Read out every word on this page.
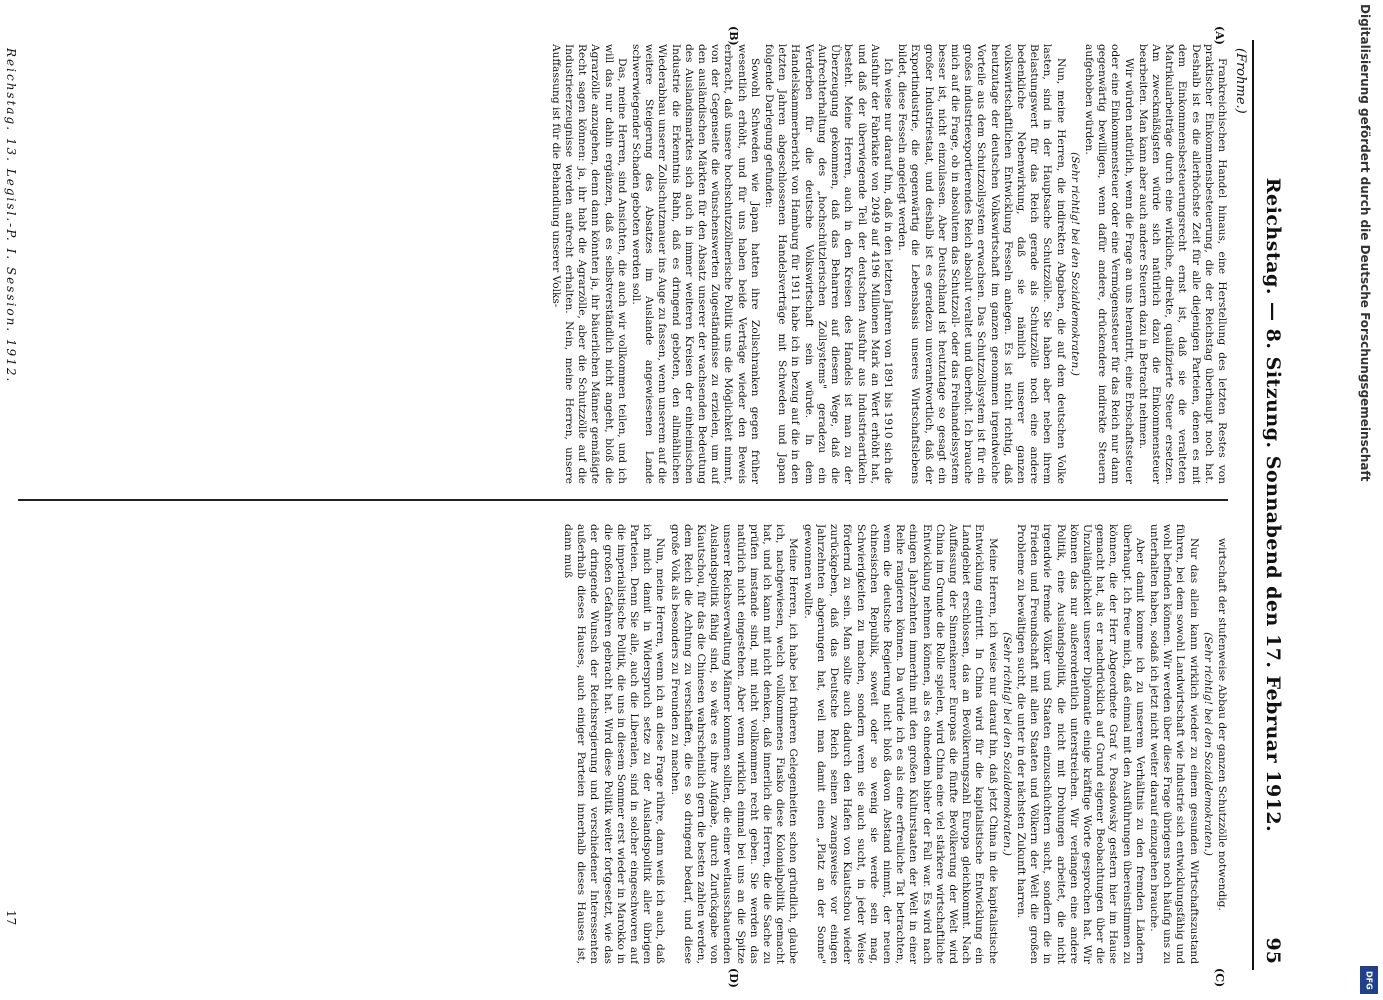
Reichstag. — 8. Sitzung. Sonnabend den 17. Februar 1912.
95
(Frohme.)
(A)
(B)
(C)
(D)

Frankreichischen Handel hinaus, eine Herstellung des letzten Restes von praktischer Einkommensbesteuerung, die der Reichstag überhaupt noch hat. Deshalb ist es die allerhöchste Zeit für alle diejenigen Parteien, denen es mit dem Einkommensbesteuerungsrecht ernst ist, daß sie die veralteten Matrikularbeiträge durch eine wirkliche, direkte, qualifizierte Steuer ersetzen. Am zweckmäßigsten würde sich natürlich dazu die Einkommensteuer bearbeiten. Man kann aber auch andere Steuern dazu in Betracht nehmen.

Wir würden natürlich, wenn die Frage an uns herantritt, eine Erbschaftssteuer oder eine Einkommensteuer oder eine Vermögenssteuer für das Reich nur dann gegenwärtig bewilligen, wenn dafür andere, drückendere indirekte Steuern aufgehoben würden.

(Sehr richtig! bei den Sozialdemokraten.)

Nun, meine Herren, die indirekten Abgaben, die auf dem deutschen Volke lasten, sind in der Hauptsache Schutzzölle. Sie haben aber neben ihrem Belastungswert für das Reich gerade als Schutzzölle noch eine andere bedenkliche Nebenwirkung, daß sie nämlich unserer ganzen volkswirtschaftlichen Entwicklung Fesseln anlegen. Es ist nicht richtig, daß heutzutage der deutschen Volkswirtschaft im ganzen genommen irgendwelche Vorteile aus dem Schutzzollsystem erwachsen. Das Schutzzollsystem ist für ein großes industrieexportierendes Reich absolut veraltet und überholt. Ich brauche mich auf die Frage, ob in absolutem das Schutzzoll- oder das Freihandelssystem besser ist, nicht einzulassen. Aber Deutschland ist heutzutage so gesagt ein großer Industriestaat, und deshalb ist es geradezu unverantwortlich, daß der Exportindustrie, die gegenwärtig die Lebensbasis unseres Wirtschaftslebens bildet, diese Fesseln angelegt werden.

Ich weise nur darauf hin, daß in den letzten Jahren von 1891 bis 1910 sich die Ausfuhr der Fabrikate von 2049 auf 4196 Millionen Mark an Wert erhöht hat, und daß der überwiegende Teil der deutschen Ausfuhr aus Industrieartikeln besteht. Meine Herren, auch in den Kreisen des Handels ist man zu der Überzeugung gekommen, daß das Beharren auf diesem Wege, daß die Aufrechterhaltung des „hochschützlerischen Zollsystems" geradezu ein Verderben für die deutsche Volkswirtschaft sein würde. In dem Handelskammerbericht von Hamburg für 1911 habe ich in bezug auf die in den letzten Jahren abgeschlossenen Handelsverträge mit Schweden und Japan folgende Darlegung gefunden:

Sowohl Schweden wie Japan hatten ihre Zollschranken gegen früher wesentlich erhöht, und für uns haben beide Verträge wieder den Beweis erbracht, daß unsere hochschutzzöllnerische Politik uns die Möglichkeit nimmt, von der Gegenseite die wünschenswerten Zugeständnisse zu erzielen, um auf den ausländischen Märkten für den Absatz unserer der wachsenden Bedeutung des Auslandsmarktes sich auch in immer weiteren Kreisen der einheimischen Industrie die Erkenntnis Bahn, daß es dringend geboten, den allmählichen Wiederabbau unserer Zollschutzmauer ins Auge zu fassen, wenn unserem auf die weitere Steigerung des Absatzes im Auslande angewiesenen Lande schwerwiegender Schaden geboten werden soll.

Das, meine Herren, sind Ansichten, die auch wir vollkommen teilen, und ich will das nur dahin ergänzen, daß es selbstverständlich nicht angeht, bloß die Agrarzölle anzugehen, denn dann könnten ja, ihr bäuerlichen Männer gemäßigte Recht sagen können: ja, ihr habt die Agrarzölle, aber die Schutzzölle auf die Industrieerzeugnisse werden aufrecht erhalten. Nein, meine Herren, unsere Auffassung ist für die Behandlung unserer Volks-

wirtschaft der stufenweise Abbau der ganzen Schutzzölle notwendig.

(Sehr richtig! bei den Sozialdemokraten.)

Nur das allein kann wirklich wieder zu einem gesunden Wirtschaftszustand führen, bei dem sowohl Landwirtschaft wie Industrie sich entwicklungsfähig und wohl befinden können. Wir werden über diese Frage übrigens noch häufig uns zu unterhalten haben, sodaß ich jetzt nicht weiter darauf einzugehen brauche.

Aber damit komme ich zu unserem Verhältnis zu den fremden Ländern überhaupt. Ich freue mich, daß einmal mit den Ausführungen übereinstimmen zu können, die der Herr Abgeordnete Graf v. Posadowsky gestern hier im Hause gemacht hat, als er nachdrücklich auf Grund eigener Beobachtungen über die Unzulänglichkeit unserer Diplomatie einige kräftige Worte gesprochen hat. Wir können das nur außerordentlich unterstreichen. Wir verlangen eine andere Politik, eine Auslandspolitik, die nicht mit Drohungen arbeitet, die nicht irgendwie fremde Völker und Staaten einzuschüchtern sucht, sondern die in Frieden und Freundschaft mit allen Staaten und Völkern der Welt die großen Probleme zu bewältigen sucht, die unter in der nächsten Zukunft harren.

(Sehr richtig! bei den Sozialdemokraten.)

Meine Herren, ich weise nur darauf hin, daß jetzt China in die kapitalistische Entwicklung eintritt. In China wird für die kapitalistische Entwicklung ein Landgebiet erschlossen, das an Bevölkerungszahl Europa gleichkommt. Nach Auffassung der Sinnenkenner Europas die fünfte Bevölkerung der Welt wird China im Grunde die Rolle spielen, wird China eine viel stärkere wirtschaftliche Entwicklung nehmen können, als es ohnedem bisher der Fall war. Es wird nach einigen Jahrzehnten immerhin mit den großen Kulturstaaten der Welt in einer Reihe rangieren können. Da würde ich es als eine erfreuliche Tat betrachten, wenn die deutsche Regierung nicht bloß davon Abstand nimmt, der neuen chinesischen Republik, soweit oder so wenig sie werde sein mag, Schwierigkeiten zu machen, sondern wenn sie auch sucht, in jeder Weise fördernd zu sein. Man sollte auch dadurch den Hafen von Kiautschou wieder zurückgeben, daß das Deutsche Reich seinen zwangsweise vor einigen Jahrzehnten abgerungen hat, weil man damit einen „Platz an der Sonne" gewonnen wollte.

Meine Herren, ich habe bei früheren Gelegenheiten schon gründlich, glaube ich, nachgewiesen, welch vollkommenes Fiasko diese Kolonialpolitik gemacht hat, und ich kann mit nicht denken, daß innerlich die Herren, die die Sache zu prüfen imstande sind, mit nicht vollkommen recht geben. Sie werden das natürlich nicht eingestehen. Aber wenn wirklich einmal bei uns an die Spitze unserer Reichsverwaltung Männer kommen sollten, die einer weitausschauenden Auslandspolitik fähig sind, so wäre es ihre Aufgabe, durch Zurückgabe von Kiautschou, für das die Chinesen wahrscheinlich gern die besten zahlen werden, dem Reich die Achtung zu verschaffen, die es so dringend bedarf, und diese große Volk als besonders zu Freunden zu machen.

Nun, meine Herren, wenn ich an diese Frage rühre, dann weiß ich auch, daß ich mich damit in Widerspruch setze zu der Auslandspolitik aller übrigen Parteien. Denn Sie alle, auch die Liberalen, sind in solcher eingeschworen auf die imperialistische Politik, die uns in diesem Sommer erst wieder in Marokko in die großen Gefahren gebracht hat. Wird diese Politik weiter fortgesetzt, wie das der dringende Wunsch der Reichsregierung und verschiedener Interessenten außerhalb dieses Hauses, auch einiger Parteien innerhalb dieses Hauses ist, dann muß

Reichstag. 13. Legisl.-P. I. Session. 1912.
17
Digitalisierung gefördert durch die Deutsche Forschungsgemeinschaft
DFG
